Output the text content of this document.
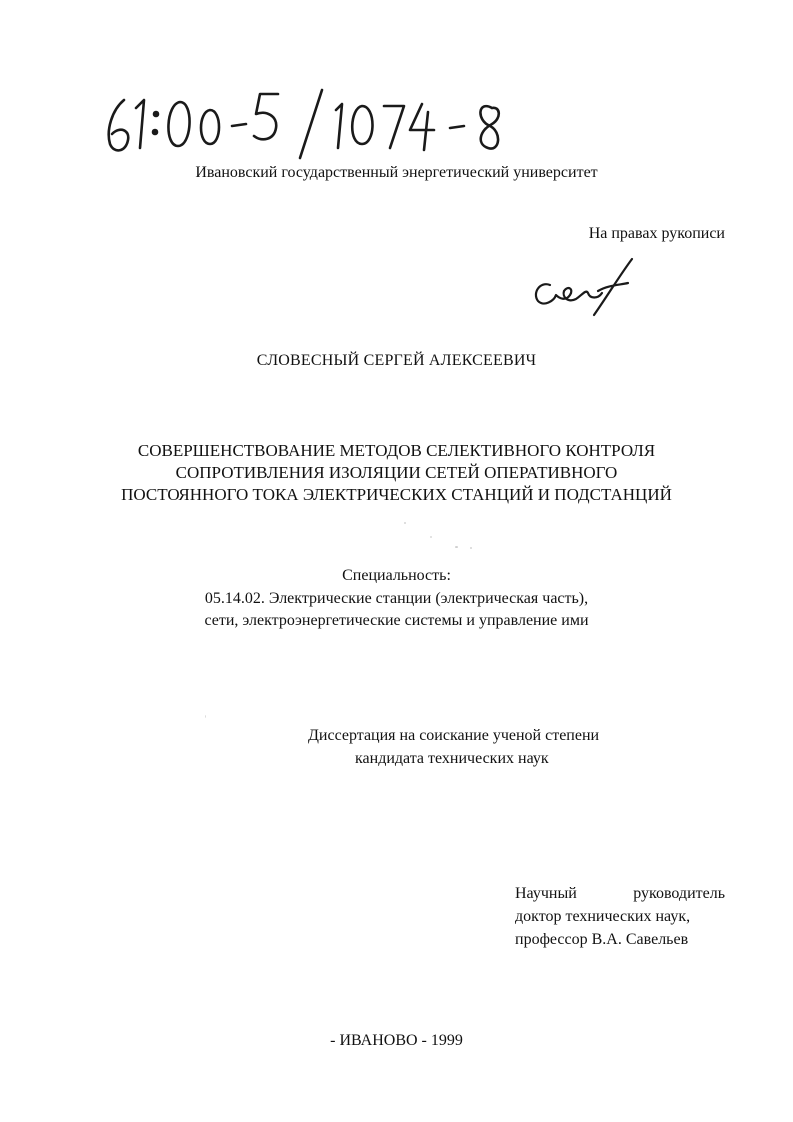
Ивановский государственный энергетический университет

На правах рукописи

СЛОВЕСНЫЙ СЕРГЕЙ АЛЕКСЕЕВИЧ

СОВЕРШЕНСТВОВАНИЕ МЕТОДОВ СЕЛЕКТИВНОГО КОНТРОЛЯ
СОПРОТИВЛЕНИЯ ИЗОЛЯЦИИ СЕТЕЙ ОПЕРАТИВНОГО
ПОСТОЯННОГО ТОКА ЭЛЕКТРИЧЕСКИХ СТАНЦИЙ И ПОДСТАНЦИЙ

Специальность:

05.14.02. Электрические станции (электрическая часть),

сети, электроэнергетические системы и управление ими

Диссертация на соискание ученой степени

кандидата технических наук

Научный	руководитель
доктор технических наук,
профессор В.А. Савельев

- ИВАНОВО - 1999
